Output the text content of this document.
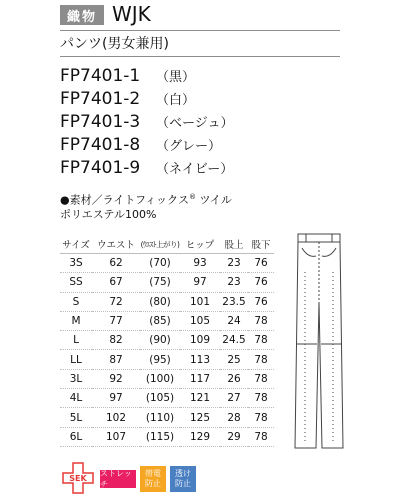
織物 WJK
パンツ(男女兼用)
FP7401-1	（黒）
FP7401-2	（白）
FP7401-3	（ベージュ）
FP7401-8	（グレー）
FP7401-9	（ネイビー）
●素材／ライトフィックス® ツイル
ポリエステル100%
サイズ	ウエスト	(ｳｴｽﾄ上がり)	ヒップ	股上	股下
3S	62	(70)	93	23	76
SS	67	(75)	97	23	76
S	72	(80)	101	23.5	76
M	77	(85)	105	24	78
L	82	(90)	109	24.5	78
LL	87	(95)	113	25	78
3L	92	(100)	117	26	78
4L	97	(105)	121	27	78
5L	102	(110)	125	28	78
6L	107	(115)	129	29	78
SEK
ストレッチ
帯電
防止
透け
防止
